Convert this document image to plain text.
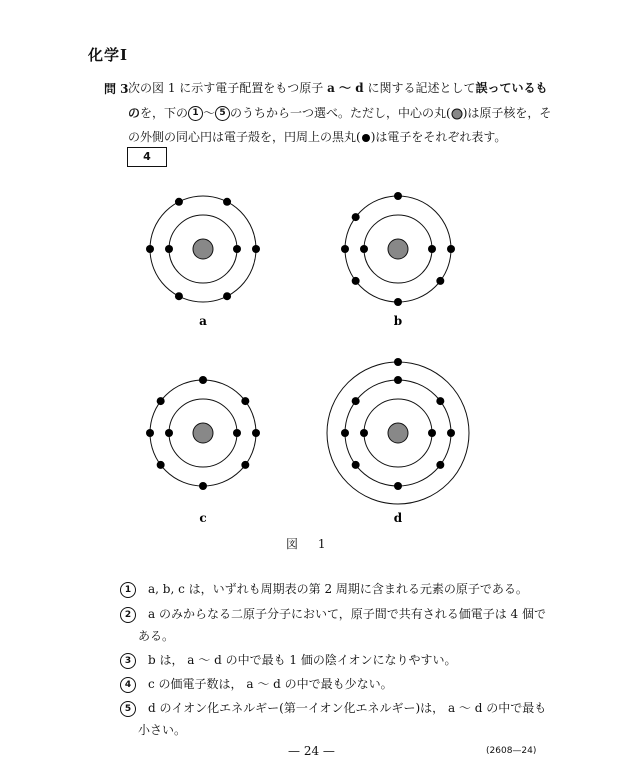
化学Ⅰ
問 3 次の図 1 に示す電子配置をもつ原子 a ～ d に関する記述として誤っているも
のを，下の 1 ～ 5 のうちから一つ選べ。ただし，中心の丸( )は原子核を，そ
の外側の同心円は電子殻を，円周上の黒丸( )は電子をそれぞれ表す。
4
a	b
c	d
図 1
1 a, b, c は，いずれも周期表の第 2 周期に含まれる元素の原子である。
2 a のみからなる二原子分子において，原子間で共有される価電子は 4 個で
ある。
3 b は， a ～ d の中で最も 1 価の陰イオンになりやすい。
4 c の価電子数は， a ～ d の中で最も少ない。
5 d のイオン化エネルギー(第一イオン化エネルギー)は， a ～ d の中で最も
小さい。
— 24 —	(2608—24)
